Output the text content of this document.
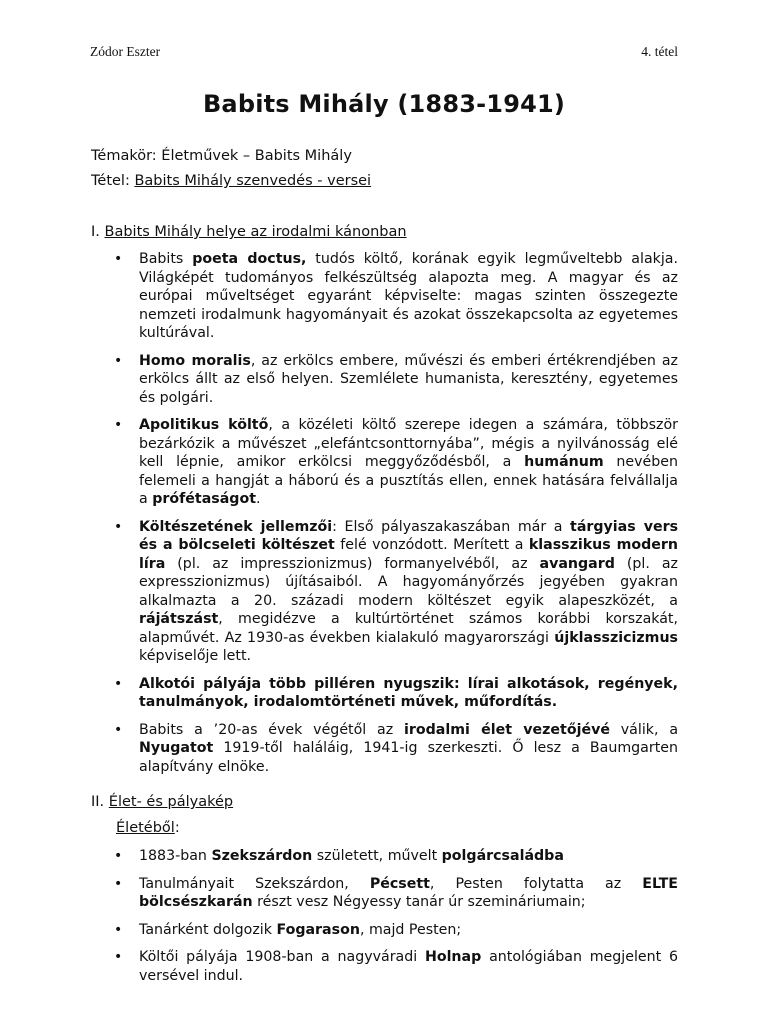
Zódor Eszter	4. tétel
Babits Mihály (1883-1941)
Témakör: Életművek – Babits Mihály
Tétel: Babits Mihály szenvedés - versei
I. Babits Mihály helye az irodalmi kánonban
• Babits poeta doctus, tudós költő, korának egyik legműveltebb alakja. Világképét tudományos felkészültség alapozta meg. A magyar és az európai műveltséget egyaránt képviselte: magas szinten összegezte nemzeti irodalmunk hagyományait és azokat összekapcsolta az egyetemes kultúrával.
• Homo moralis, az erkölcs embere, művészi és emberi értékrendjében az erkölcs állt az első helyen. Szemlélete humanista, keresztény, egyetemes és polgári.
• Apolitikus költő, a közéleti költő szerepe idegen a számára, többször bezárkózik a művészet „elefántcsonttornyába”, mégis a nyilvánosság elé kell lépnie, amikor erkölcsi meggyőződésből, a humánum nevében felemeli a hangját a háború és a pusztítás ellen, ennek hatására felvállalja a prófétaságot.
• Költészetének jellemzői: Első pályaszakaszában már a tárgyias vers és a bölcseleti költészet felé vonzódott. Merített a klasszikus modern líra (pl. az impresszionizmus) formanyelvéből, az avangard (pl. az expresszionizmus) újításaiból. A hagyományőrzés jegyében gyakran alkalmazta a 20. századi modern költészet egyik alapeszközét, a rájátszást, megidézve a kultúrtörténet számos korábbi korszakát, alapművét. Az 1930-as években kialakuló magyarországi újklasszicizmus képviselője lett.
• Alkotói pályája több pilléren nyugszik: lírai alkotások, regények, tanulmányok, irodalomtörténeti művek, műfordítás.
• Babits a ’20-as évek végétől az irodalmi élet vezetőjévé válik, a Nyugatot 1919-től haláláig, 1941-ig szerkeszti. Ő lesz a Baumgarten alapítvány elnöke.
II. Élet- és pályakép
Életéből:
• 1883-ban Szekszárdon született, művelt polgárcsaládba
• Tanulmányait Szekszárdon, Pécsett, Pesten folytatta az ELTE bölcsészkarán részt vesz Négyessy tanár úr szemináriumain;
• Tanárként dolgozik Fogarason, majd Pesten;
• Költői pályája 1908-ban a nagyváradi Holnap antológiában megjelent 6 versével indul.
